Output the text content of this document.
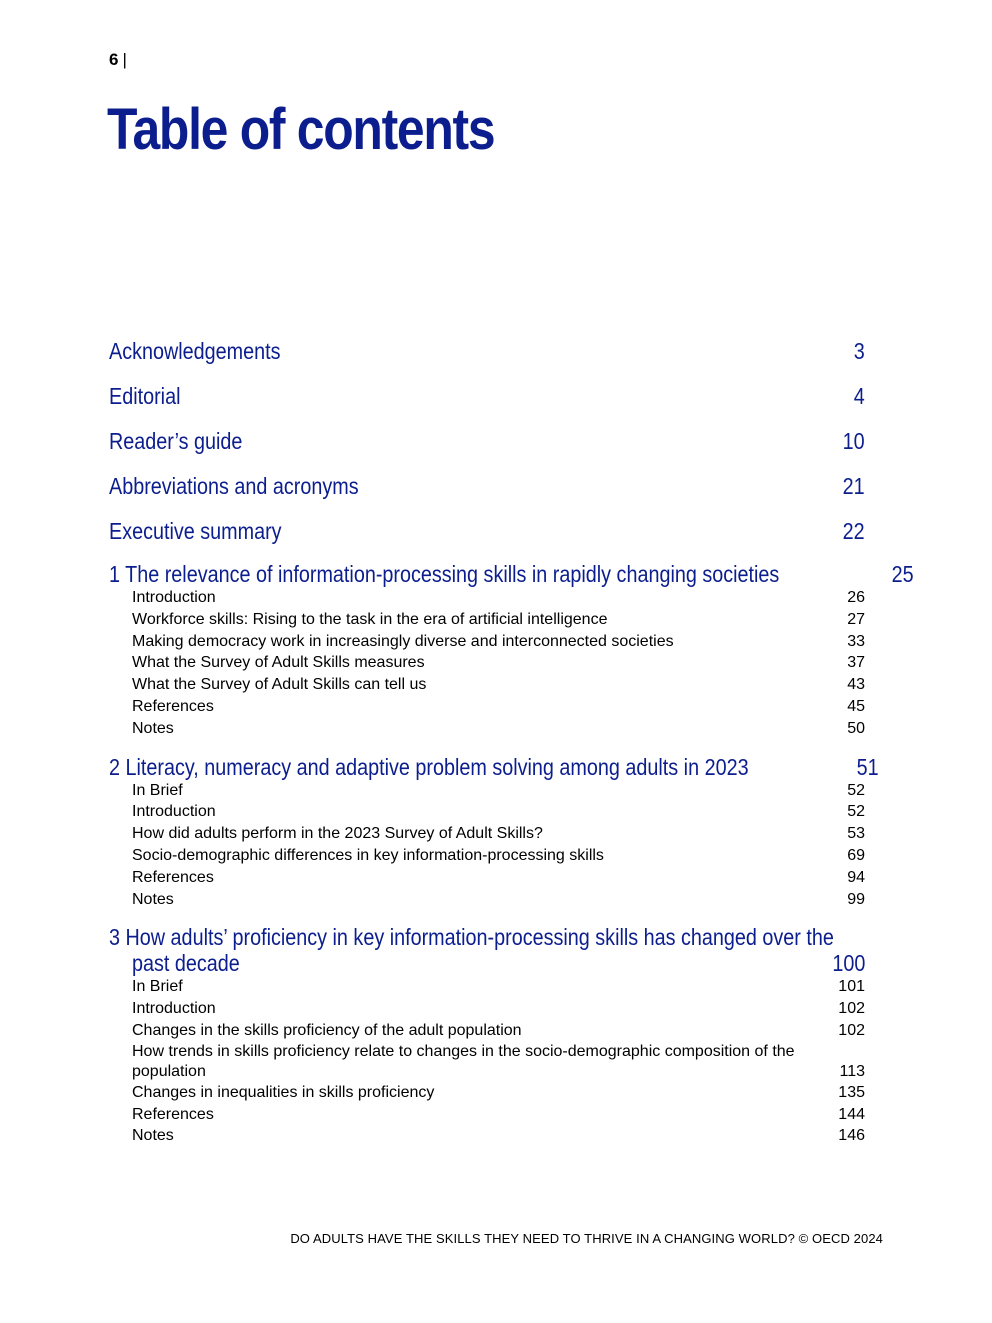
6 |
Table of contents
Acknowledgements	3
Editorial	4
Reader’s guide	10
Abbreviations and acronyms	21
Executive summary	22
1 The relevance of information-processing skills in rapidly changing societies	25
Introduction	26
Workforce skills: Rising to the task in the era of artificial intelligence	27
Making democracy work in increasingly diverse and interconnected societies	33
What the Survey of Adult Skills measures	37
What the Survey of Adult Skills can tell us	43
References	45
Notes	50
2 Literacy, numeracy and adaptive problem solving among adults in 2023	51
In Brief	52
Introduction	52
How did adults perform in the 2023 Survey of Adult Skills?	53
Socio-demographic differences in key information-processing skills	69
References	94
Notes	99
3 How adults’ proficiency in key information-processing skills has changed over the
past decade	100
In Brief	101
Introduction	102
Changes in the skills proficiency of the adult population	102
How trends in skills proficiency relate to changes in the socio-demographic composition of the
population	113
Changes in inequalities in skills proficiency	135
References	144
Notes	146
DO ADULTS HAVE THE SKILLS THEY NEED TO THRIVE IN A CHANGING WORLD? © OECD 2024
